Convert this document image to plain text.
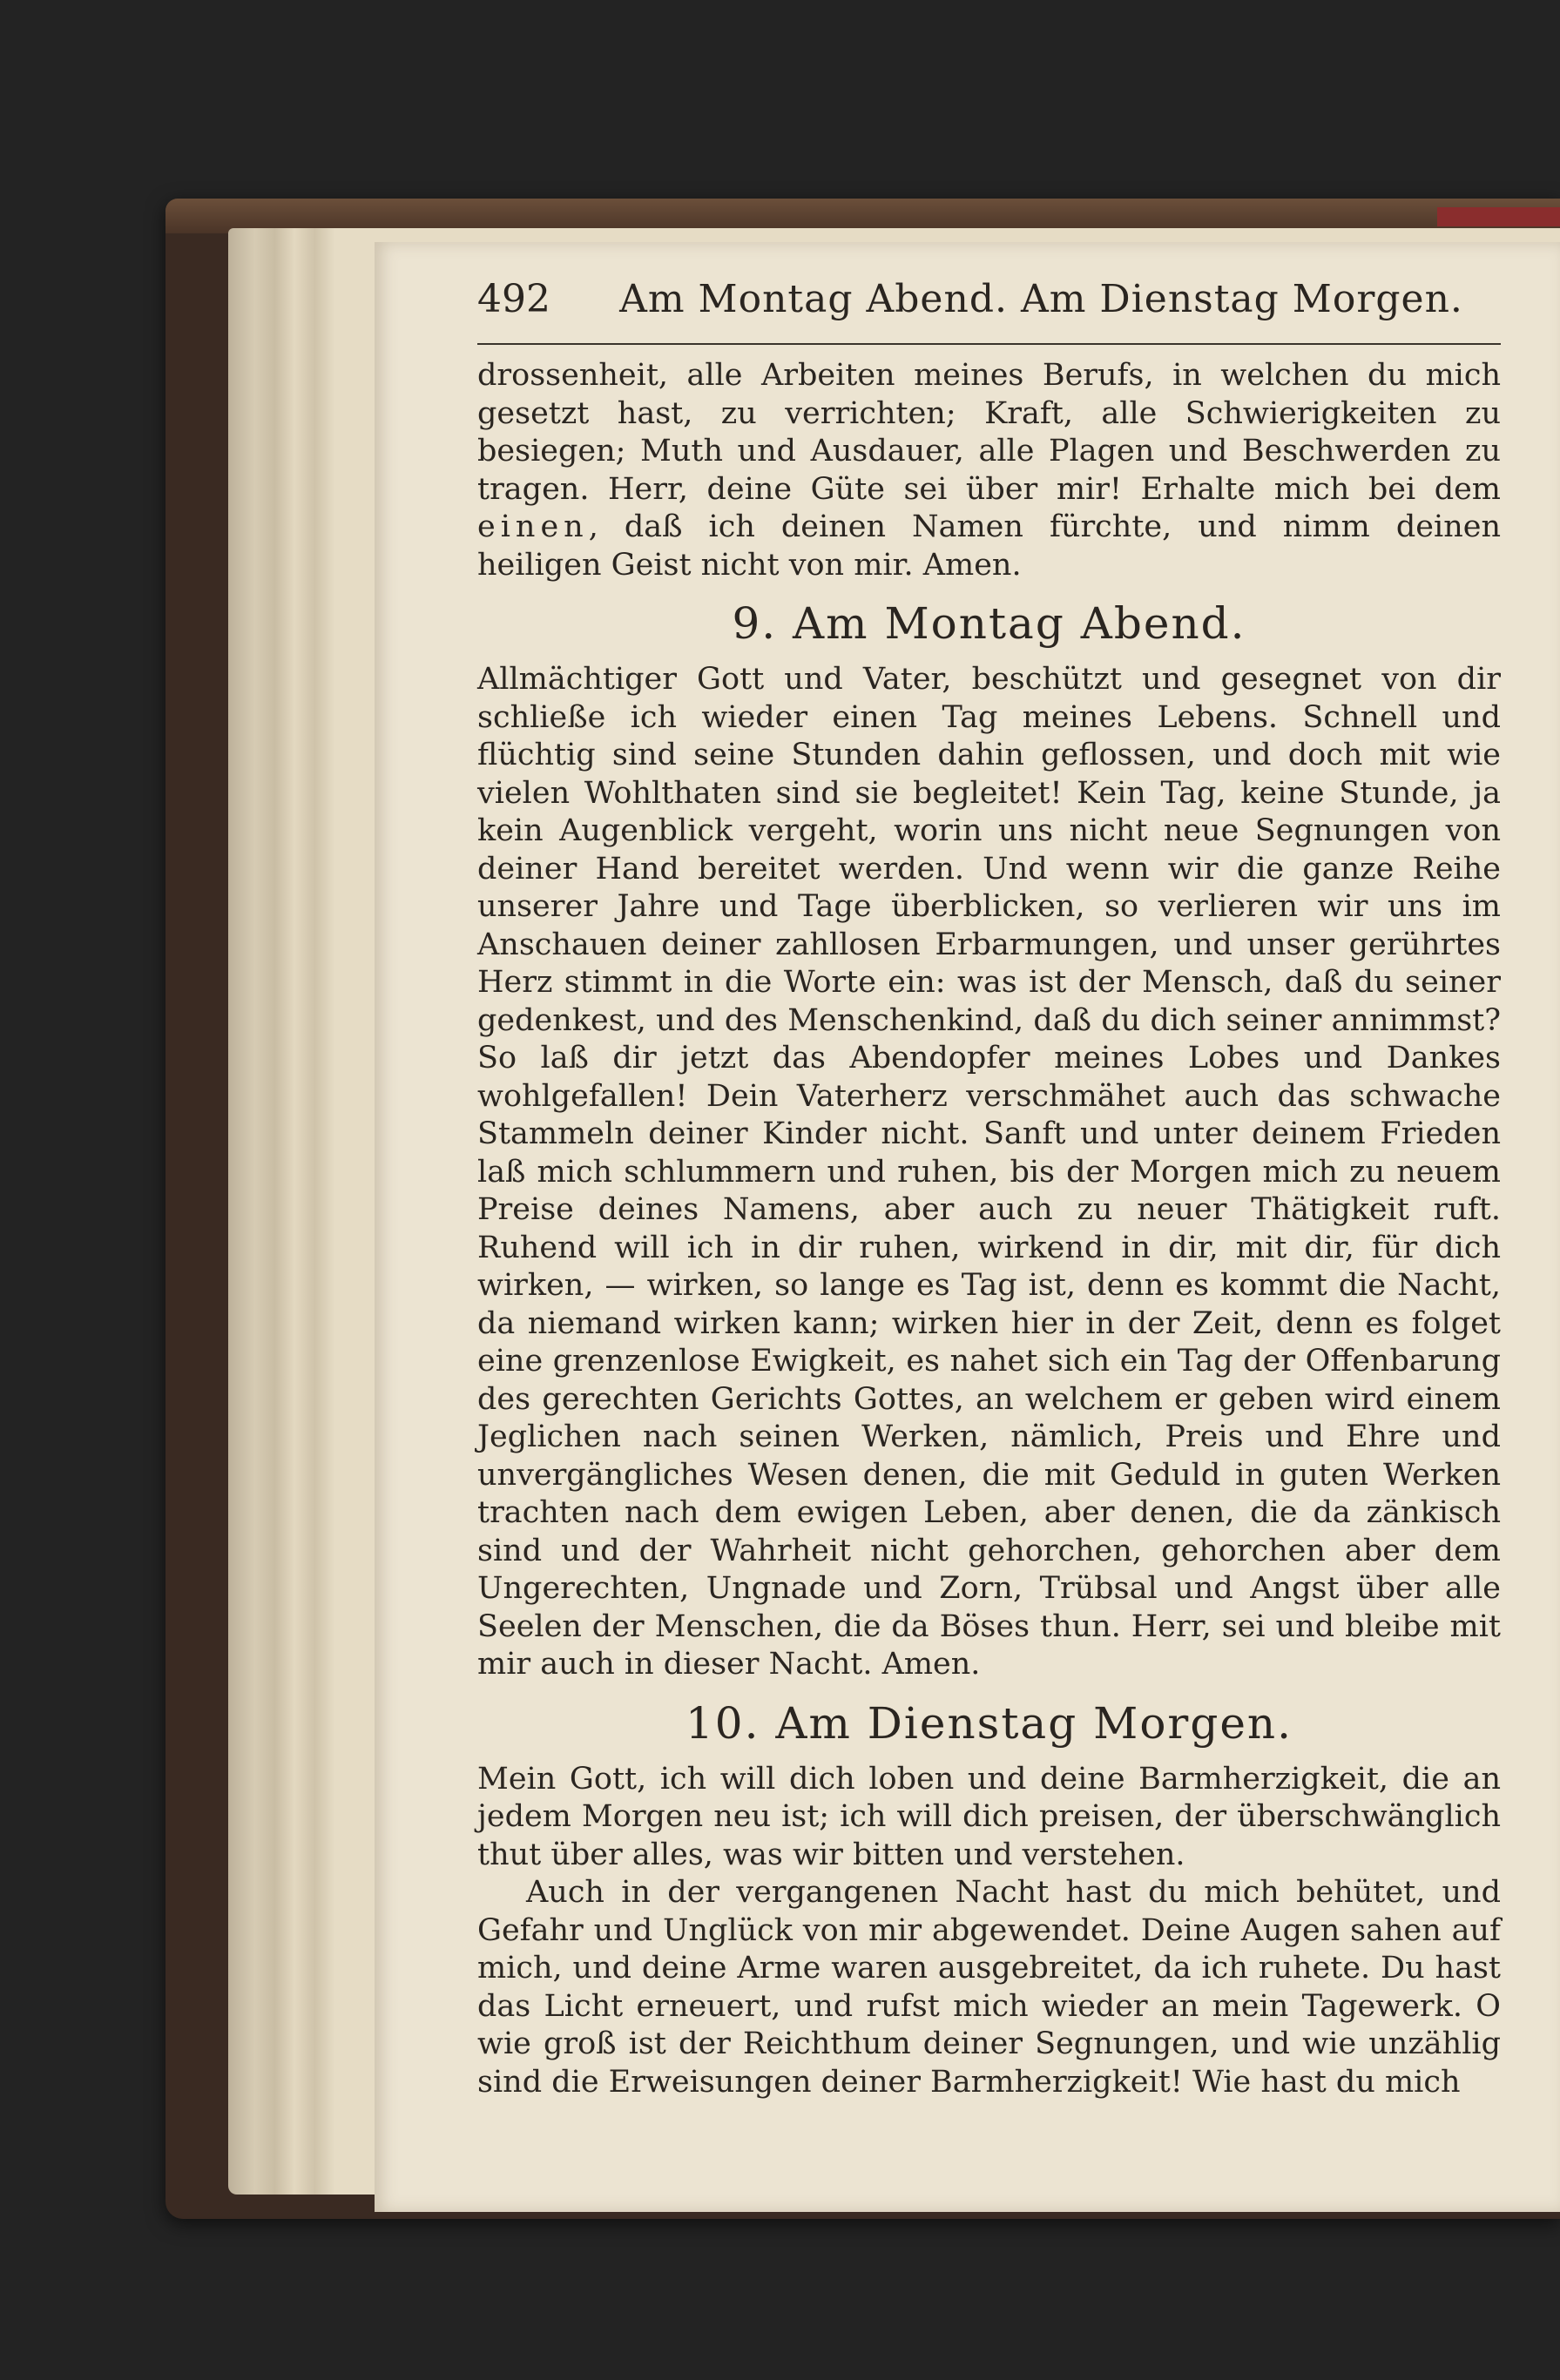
492	Am Montag Abend. Am Dienstag Morgen.

drossenheit, alle Arbeiten meines Berufs, in welchen du mich gesetzt hast, zu verrichten; Kraft, alle Schwierigkeiten zu besiegen; Muth und Ausdauer, alle Plagen und Beschwerden zu tragen. Herr, deine Güte sei über mir! Erhalte mich bei dem einen, daß ich deinen Namen fürchte, und nimm deinen heiligen Geist nicht von mir. Amen.

9. Am Montag Abend.

Allmächtiger Gott und Vater, beschützt und gesegnet von dir schließe ich wieder einen Tag meines Lebens. Schnell und flüchtig sind seine Stunden dahin geflossen, und doch mit wie vielen Wohlthaten sind sie begleitet! Kein Tag, keine Stunde, ja kein Augenblick vergeht, worin uns nicht neue Segnungen von deiner Hand bereitet werden. Und wenn wir die ganze Reihe unserer Jahre und Tage überblicken, so verlieren wir uns im Anschauen deiner zahllosen Erbarmungen, und unser gerührtes Herz stimmt in die Worte ein: was ist der Mensch, daß du seiner gedenkest, und des Menschenkind, daß du dich seiner annimmst? So laß dir jetzt das Abendopfer meines Lobes und Dankes wohlgefallen! Dein Vaterherz verschmähet auch das schwache Stammeln deiner Kinder nicht. Sanft und unter deinem Frieden laß mich schlummern und ruhen, bis der Morgen mich zu neuem Preise deines Namens, aber auch zu neuer Thätigkeit ruft. Ruhend will ich in dir ruhen, wirkend in dir, mit dir, für dich wirken, — wirken, so lange es Tag ist, denn es kommt die Nacht, da niemand wirken kann; wirken hier in der Zeit, denn es folget eine grenzenlose Ewigkeit, es nahet sich ein Tag der Offenbarung des gerechten Gerichts Gottes, an welchem er geben wird einem Jeglichen nach seinen Werken, nämlich, Preis und Ehre und unvergängliches Wesen denen, die mit Geduld in guten Werken trachten nach dem ewigen Leben, aber denen, die da zänkisch sind und der Wahrheit nicht gehorchen, gehorchen aber dem Ungerechten, Ungnade und Zorn, Trübsal und Angst über alle Seelen der Menschen, die da Böses thun. Herr, sei und bleibe mit mir auch in dieser Nacht. Amen.

10. Am Dienstag Morgen.

Mein Gott, ich will dich loben und deine Barmherzigkeit, die an jedem Morgen neu ist; ich will dich preisen, der überschwänglich thut über alles, was wir bitten und verstehen.

Auch in der vergangenen Nacht hast du mich behütet, und Gefahr und Unglück von mir abgewendet. Deine Augen sahen auf mich, und deine Arme waren ausgebreitet, da ich ruhete. Du hast das Licht erneuert, und rufst mich wieder an mein Tagewerk. O wie groß ist der Reichthum deiner Segnungen, und wie unzählig sind die Erweisungen deiner Barmherzigkeit! Wie hast du mich
